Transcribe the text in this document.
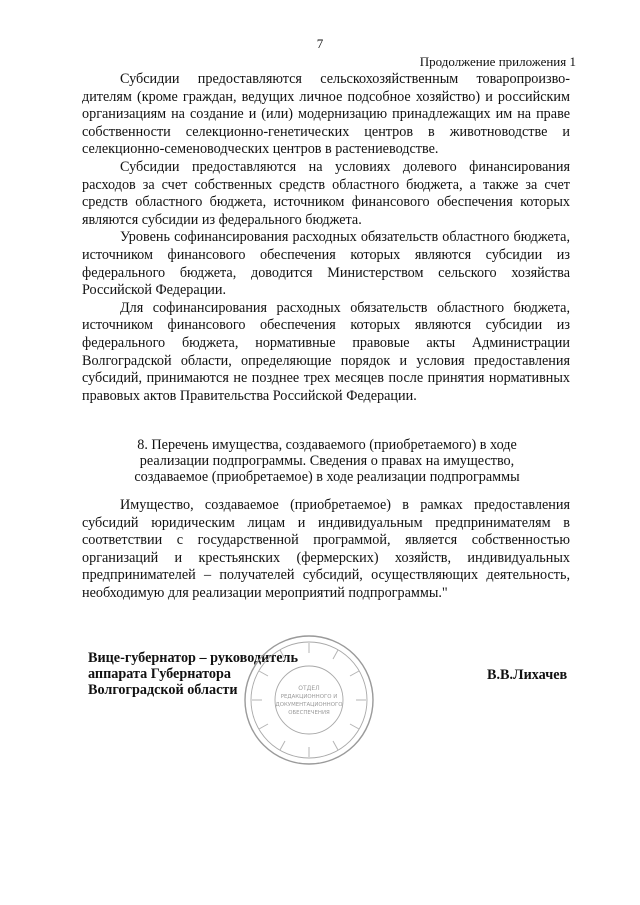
7
Продолжение приложения 1

Субсидии предоставляются сельскохозяйственным товаропроизво-дителям (кроме граждан, ведущих личное подсобное хозяйство) и российским организациям на создание и (или) модернизацию принадлежащих им на праве собственности селекционно-генетических центров в животноводстве и селекционно-семеноводческих центров в растениеводстве.

Субсидии предоставляются на условиях долевого финансирования расходов за счет собственных средств областного бюджета, а также за счет средств областного бюджета, источником финансового обеспечения которых являются субсидии из федерального бюджета.

Уровень софинансирования расходных обязательств областного бюджета, источником финансового обеспечения которых являются субсидии из федерального бюджета, доводится Министерством сельского хозяйства Российской Федерации.

Для софинансирования расходных обязательств областного бюджета, источником финансового обеспечения которых являются субсидии из федерального бюджета, нормативные правовые акты Администрации Волгоградской области, определяющие порядок и условия предоставления субсидий, принимаются не позднее трех месяцев после принятия нормативных правовых актов Правительства Российской Федерации.

8. Перечень имущества, создаваемого (приобретаемого) в ходе
реализации подпрограммы. Сведения о правах на имущество,
создаваемое (приобретаемое) в ходе реализации подпрограммы

Имущество, создаваемое (приобретаемое) в рамках предоставления субсидий юридическим лицам и индивидуальным предпринимателям в соответствии с государственной программой, является собственностью организаций и крестьянских (фермерских) хозяйств, индивидуальных предпринимателей – получателей субсидий, осуществляющих деятельность, необходимую для реализации мероприятий подпрограммы."

Вице-губернатор – руководитель
аппарата Губернатора
Волгоградской области	ОТДЕЛ
РЕДАКЦИОННОГО И
ДОКУМЕНТАЦИОННОГО
ОБЕСПЕЧЕНИЯ
В.В.Лихачев
